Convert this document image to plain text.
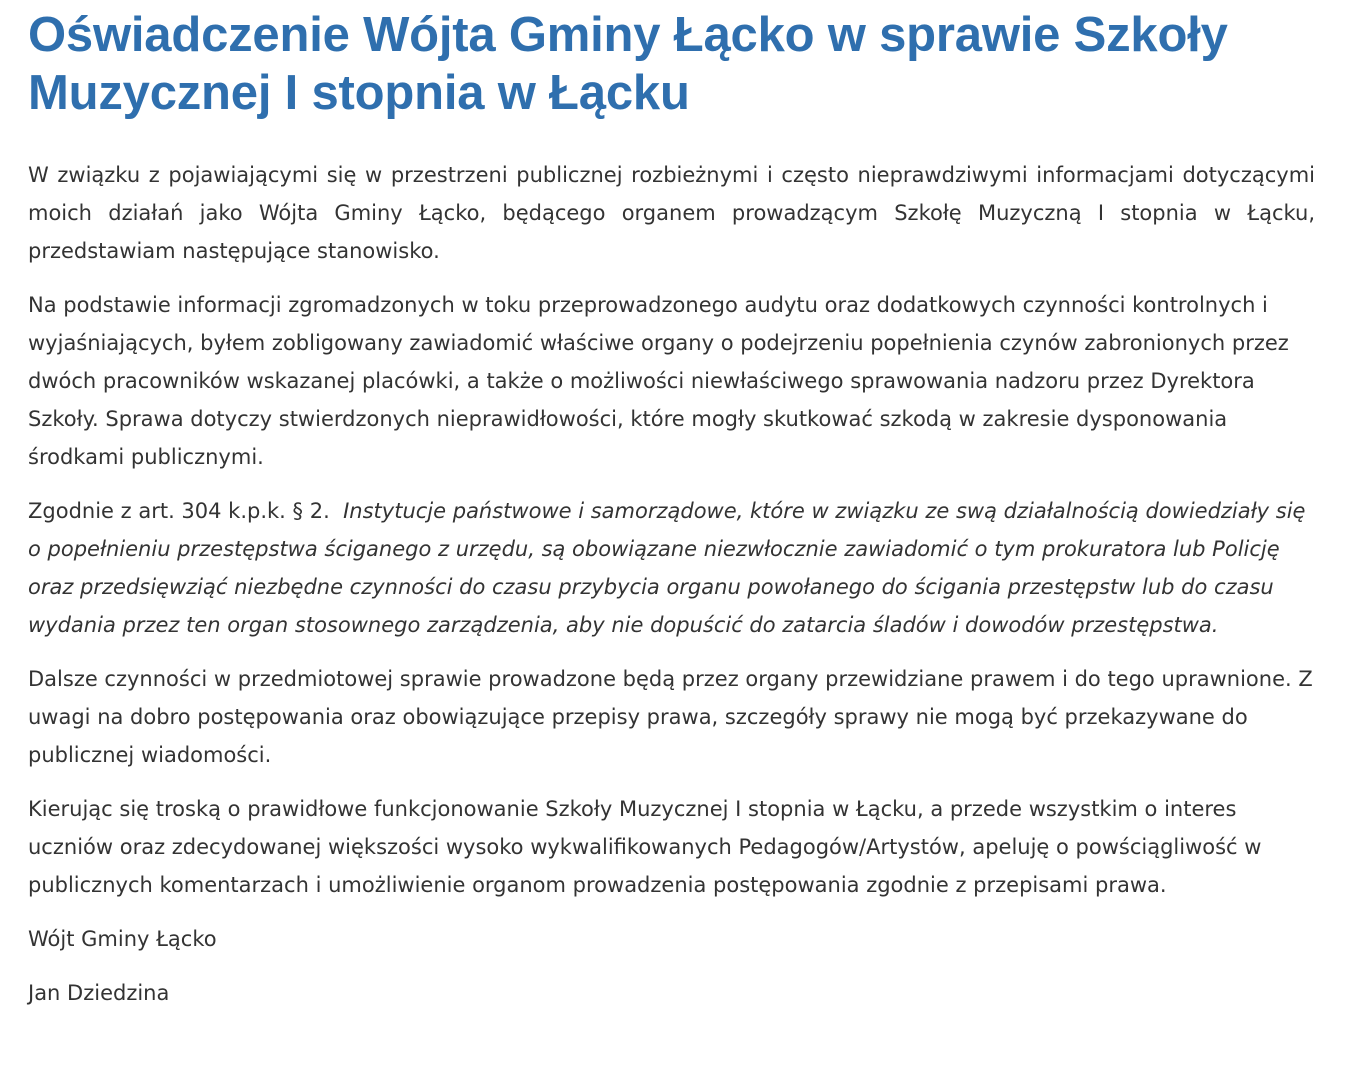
Oświadczenie Wójta Gminy Łącko w sprawie Szkoły Muzycznej I stopnia w Łącku

W związku z pojawiającymi się w przestrzeni publicznej rozbieżnymi i często nieprawdziwymi informacjami dotyczącymi moich działań jako Wójta Gminy Łącko, będącego organem prowadzącym Szkołę Muzyczną I stopnia w Łącku, przedstawiam następujące stanowisko.

Na podstawie informacji zgromadzonych w toku przeprowadzonego audytu oraz dodatkowych czynności kontrolnych i wyjaśniających, byłem zobligowany zawiadomić właściwe organy o podejrzeniu popełnienia czynów zabronionych przez dwóch pracowników wskazanej placówki, a także o możliwości niewłaściwego sprawowania nadzoru przez Dyrektora Szkoły. Sprawa dotyczy stwierdzonych nieprawidłowości, które mogły skutkować szkodą w zakresie dysponowania środkami publicznymi.

Zgodnie z art. 304 k.p.k. § 2. Instytucje państwowe i samorządowe, które w związku ze swą działalnością dowiedziały się o popełnieniu przestępstwa ściganego z urzędu, są obowiązane niezwłocznie zawiadomić o tym prokuratora lub Policję oraz przedsięwziąć niezbędne czynności do czasu przybycia organu powołanego do ścigania przestępstw lub do czasu wydania przez ten organ stosownego zarządzenia, aby nie dopuścić do zatarcia śladów i dowodów przestępstwa.

Dalsze czynności w przedmiotowej sprawie prowadzone będą przez organy przewidziane prawem i do tego uprawnione. Z uwagi na dobro postępowania oraz obowiązujące przepisy prawa, szczegóły sprawy nie mogą być przekazywane do publicznej wiadomości.

Kierując się troską o prawidłowe funkcjonowanie Szkoły Muzycznej I stopnia w Łącku, a przede wszystkim o interes uczniów oraz zdecydowanej większości wysoko wykwalifikowanych Pedagogów/Artystów, apeluję o powściągliwość w publicznych komentarzach i umożliwienie organom prowadzenia postępowania zgodnie z przepisami prawa.

Wójt Gminy Łącko

Jan Dziedzina
